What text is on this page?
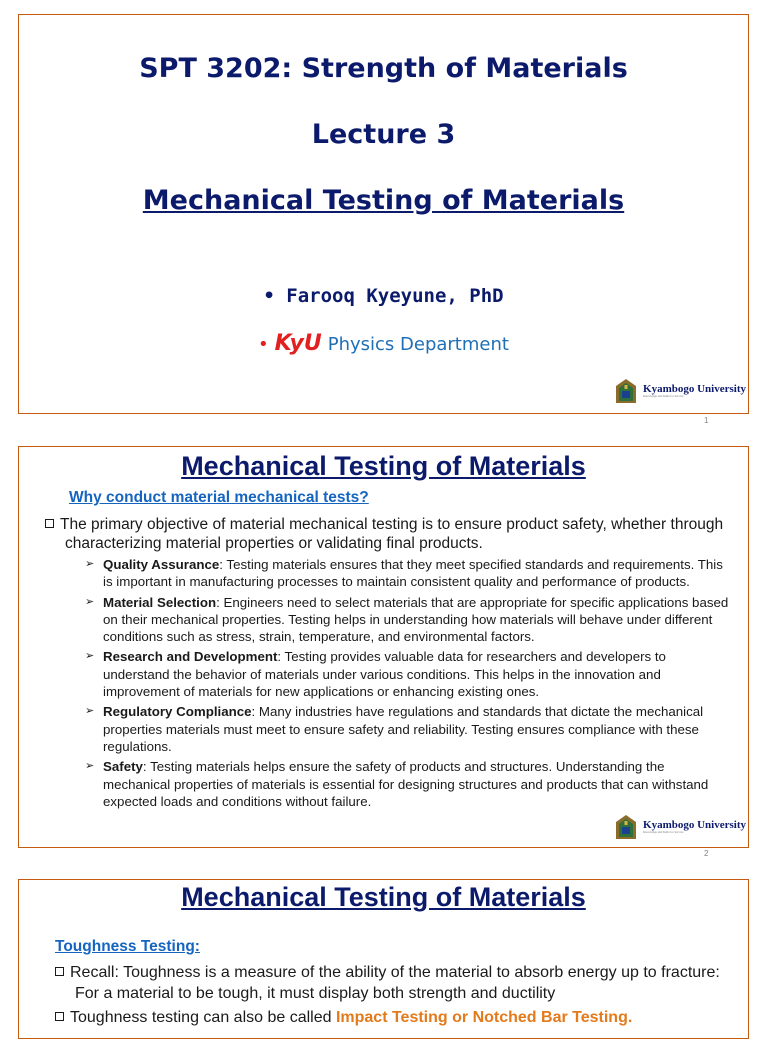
SPT 3202: Strength of Materials
Lecture 3
Mechanical Testing of Materials
• Farooq Kyeyune, PhD
• KyU Physics Department
Kyambogo University
Knowledge and Skills for Service
1
Mechanical Testing of Materials
Why conduct material mechanical tests?
The primary objective of material mechanical testing is to ensure product safety, whether through characterizing material properties or validating final products.
➢ Quality Assurance: Testing materials ensures that they meet specified standards and requirements. This is important in manufacturing processes to maintain consistent quality and performance of products.
➢ Material Selection: Engineers need to select materials that are appropriate for specific applications based on their mechanical properties. Testing helps in understanding how materials will behave under different conditions such as stress, strain, temperature, and environmental factors.
➢ Research and Development: Testing provides valuable data for researchers and developers to understand the behavior of materials under various conditions. This helps in the innovation and improvement of materials for new applications or enhancing existing ones.
➢ Regulatory Compliance: Many industries have regulations and standards that dictate the mechanical properties materials must meet to ensure safety and reliability. Testing ensures compliance with these regulations.
➢ Safety: Testing materials helps ensure the safety of products and structures. Understanding the mechanical properties of materials is essential for designing structures and products that can withstand expected loads and conditions without failure.
Kyambogo University
Knowledge and Skills for Service
2
Mechanical Testing of Materials
Toughness Testing:

Recall: Toughness is a measure of the ability of the material to absorb energy up to fracture: For a material to be tough, it must display both strength and ductility

Toughness testing can also be called Impact Testing or Notched Bar Testing.
